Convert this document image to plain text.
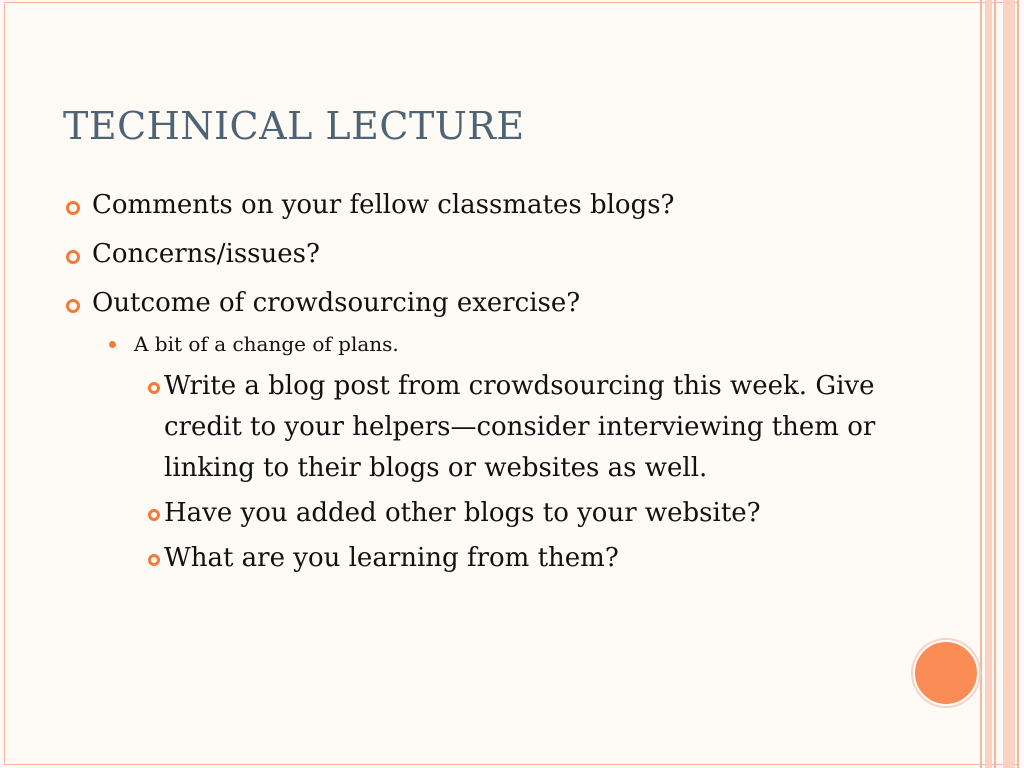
TECHNICAL LECTURE
Comments on your fellow classmates blogs?
Concerns/issues?
Outcome of crowdsourcing exercise?
A bit of a change of plans.
Write a blog post from crowdsourcing this week. Give credit to your helpers—consider interviewing them or linking to their blogs or websites as well.
Have you added other blogs to your website?
What are you learning from them?
